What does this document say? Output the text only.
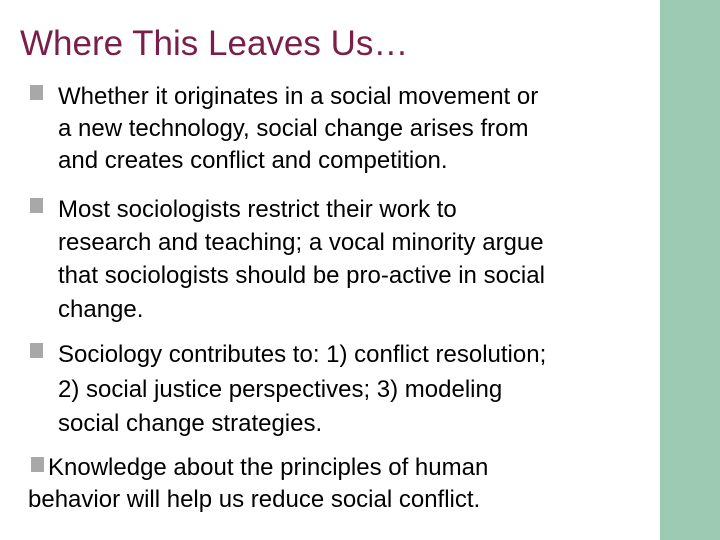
Where This Leaves Us…
Whether it originates in a social movement or
a new technology, social change arises from
and creates conflict and competition.
Most sociologists restrict their work to
research and teaching; a vocal minority argue
that sociologists should be pro-active in social
change.
Sociology contributes to: 1) conflict resolution;
2) social justice perspectives; 3) modeling
social change strategies.
Knowledge about the principles of human
behavior will help us reduce social conflict.
